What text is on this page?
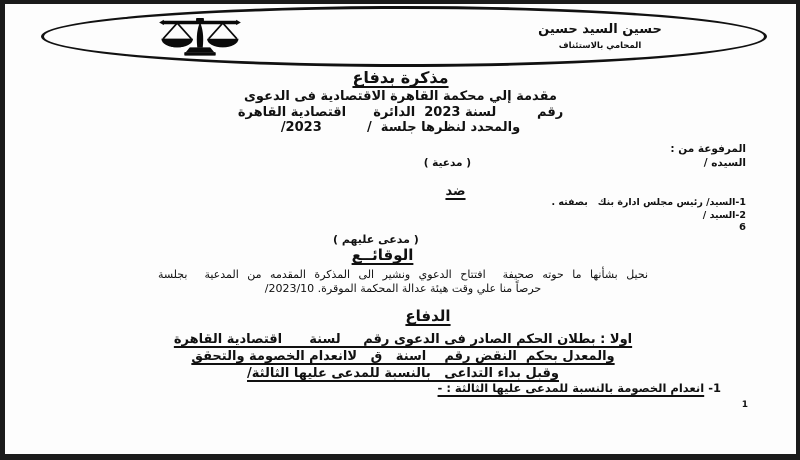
حسين السيد حسين
المحامي بالاستئناف
مذكرة بدفاع
مقدمة إلي محكمة القاهرة الاقتصادية فى الدعوى
رقم         لسنة 2023  الدائرة      اقتصادية القاهرة
والمحدد لنظرها جلسة  /          ‎/2023
المرفوعة من :
السيده /
( مدعية )
ضد
1-السيد/ رئيس مجلس ادارة بنك   بصفته .
2-السيد /
6
( مدعى عليهم )
الوقائــع
نحيل بشأنها ما حوته صحيفة  افتتاح الدعوي ونشير الى المذكرة المقدمه من المدعية  بجلسة
حرصاً منا علي وقت هيئة عدالة المحكمة الموقرة. ‎/2023/10
الدفاع
اولا : بطلان الحكم الصادر فى الدعوى رقم     لسنة      اقتصادية القاهرة
والمعدل بحكم  النقض رقم    اسنة   ق   لاانعدام الخصومة والتحقق
وقبل بداء التداعى   بالنسبة للمدعى عليها الثالثة/
1- انعدام الخصومة بالنسبة للمدعى عليها الثالثة : -
1
